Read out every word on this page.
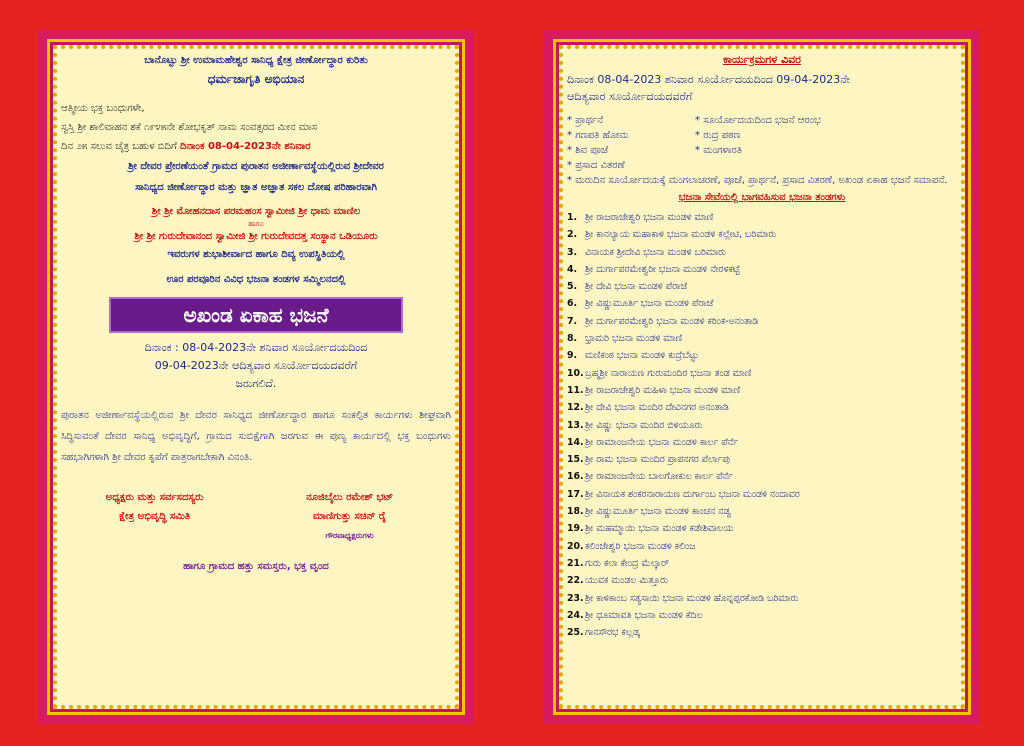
ಬಾನೊಟ್ಟು ಶ್ರೀ ಉಮಾಮಹೇಶ್ವರ ಸಾನಿಧ್ಯ ಕ್ಷೇತ್ರ ಜೀರ್ಣೋದ್ಧಾರ ಕುರಿತು
ಧರ್ಮಜಾಗೃತಿ ಅಭಿಯಾನ
ಆತ್ಮೀಯ ಭಕ್ತ ಬಂಧುಗಳೇ,
ಸ್ವಸ್ತಿ ಶ್ರೀ ಶಾಲಿವಾಹನ ಶಕೆ ೧೯೪೫ನೇ ಶೋಭಕೃತ್ ನಾಮ ಸಂವತ್ಸರದ ಮೀನ ಮಾಸ
ದಿನ ೨೫ ಸಲುವ ಚೈತ್ರ ಬಹುಳ ಬಿದಿಗೆ ದಿನಾಂಕ 08-04-2023ನೇ ಶನಿವಾರ
ಶ್ರೀ ದೇವರ ಪ್ರೇರಣೆಯಂತೆ ಗ್ರಾಮದ ಪುರಾತನ ಅಜೀರ್ಣಾವಸ್ಥೆಯಲ್ಲಿರುವ ಶ್ರೀದೇವರ
ಸಾನಿಧ್ಯದ ಜೀರ್ಣೋದ್ಧಾರ ಮತ್ತು ಜ್ಞಾತ ಅಜ್ಞಾತ ಸಕಲ ದೋಷ ಪರಿಹಾರವಾಗಿ
ಶ್ರೀ ಶ್ರೀ ಮೋಹನದಾಸ ಪರಮಹಂಸ ಸ್ವಾಮೀಜಿ ಶ್ರೀ ಧಾಮ ಮಾಣಿಲ
ಹಾಗೂ
ಶ್ರೀ ಶ್ರೀ ಗುರುದೇವಾನಂದ ಸ್ವಾಮೀಜಿ ಶ್ರೀ ಗುರುದೇವದತ್ತ ಸಂಸ್ಥಾನ ಒಡಿಯೂರು
ಇವರುಗಳ ಶುಭಾಶೀರ್ವಾದ ಹಾಗೂ ದಿವ್ಯ ಉಪಸ್ಥಿತಿಯಲ್ಲಿ
ಊರ ಪರವೂರಿನ ವಿವಿಧ ಭಜನಾ ತಂಡಗಳ ಸಮ್ಮಿಲನದಲ್ಲಿ
ಅಖಂಡ ಏಕಾಹ ಭಜನೆ
ದಿನಾಂಕ : 08-04-2023ನೇ ಶನಿವಾರ ಸೂರ್ಯೋದಯದಿಂದ
09-04-2023ನೇ ಆದಿತ್ಯವಾರ ಸೂರ್ಯೋದಯದವರೆಗೆ
ಜರುಗಲಿದೆ.
ಪುರಾತನ ಅಜೀರ್ಣಾವಸ್ಥೆಯಲ್ಲಿರುವ ಶ್ರೀ ದೇವರ ಸಾನಿಧ್ಯದ ಜೀರ್ಣೋದ್ಧಾರ ಹಾಗೂ ಸಂಕಲ್ಪಿತ ಕಾರ್ಯಗಳು ಶೀಘ್ರವಾಗಿ ಸಿದ್ಧಿಸುವಂತೆ ದೇವರ ಸಾನಿಧ್ಯ ಅಭಿವೃದ್ಧಿಗೆ, ಗ್ರಾಮದ ಸುಬಿಕ್ಷೆಗಾಗಿ ಜರಗುವ ಈ ಪುಣ್ಯ ಕಾರ್ಯದಲ್ಲಿ ಭಕ್ತ ಬಂಧುಗಳು ಸಹಭಾಗಿಗಳಾಗಿ ಶ್ರೀ ದೇವರ ಕೃಪೆಗೆ ಪಾತ್ರರಾಗಬೇಕಾಗಿ ವಿನಂತಿ.
ಅಧ್ಯಕ್ಷರು ಮತ್ತು ಸರ್ವಸದಸ್ಯರು
ಕ್ಷೇತ್ರ ಅಭಿವೃದ್ಧಿ ಸಮಿತಿ
ನೂಜಿಬೈಲು ರಮೇಶ್ ಭಟ್
ಮಾಣಿಗುತ್ತು ಸಚಿನ್ ರೈ
ಗೌರವಾಧ್ಯಕ್ಷರುಗಳು
ಹಾಗೂ ಗ್ರಾಮದ ಹತ್ತು ಸಮಸ್ತರು, ಭಕ್ತ ವೃಂದ
ಕಾರ್ಯಕ್ರಮಗಳ ವಿವರ
ದಿನಾಂಕ 08-04-2023 ಶನಿವಾರ ಸೂರ್ಯೋದಯದಿಂದ 09-04-2023ನೇ
ಆದಿತ್ಯವಾರ ಸೂರ್ಯೋದಯದವರೆಗೆ
* ಪ್ರಾರ್ಥನೆ	* ಸೂರ್ಯೋದಯದಿಂದ ಭಜನೆ ಆರಂಭ
* ಗಣಪತಿ ಹೋಮ	* ರುದ್ರ ಪಠಣ
* ಶಿವ ಪೂಜೆ	* ಮಂಗಳಾರತಿ
* ಪ್ರಸಾದ ವಿತರಣೆ
* ಮರುದಿನ ಸೂರ್ಯೋದಯಕ್ಕೆ ಮಂಗಲಾಚರಣೆ, ಪೂಜೆ, ಪ್ರಾರ್ಥನೆ, ಪ್ರಸಾದ ವಿತರಣೆ, ಅಖಂಡ ಏಕಾಹ ಭಜನೆ ಸಮಾಪನೆ.
ಭಜನಾ ಸೇವೆಯಲ್ಲಿ ಭಾಗವಹಿಸುವ ಭಜನಾ ತಂಡಗಳು
1. ಶ್ರೀ ರಾಜರಾಜೇಶ್ವರಿ ಭಜನಾ ಮಂಡಳಿ ಮಾಣಿ
2. ಶ್ರೀ ಕಾನಲ್ಯಾಯ ಮಹಾಕಾಳಿ ಭಜನಾ ಮಂಡಳಿ ಕಲ್ಲೇಟಿ, ಬರಿಮಾರು
3. ವಿನಾಯಕ ಶ್ರೀದೇವಿ ಭಜನಾ ಮಂಡಳಿ ಬರಿಮಾರು
4. ಶ್ರೀ ದುರ್ಗಾಪರಮೇಶ್ವರೀ ಭಜನಾ ಮಂಡಳಿ ನೇರಳಕಟ್ಟೆ
5. ಶ್ರೀ ದೇವಿ ಭಜನಾ ಮಂಡಳಿ ಪೆರಾಜೆ
6. ಶ್ರೀ ವಿಷ್ಣುಮೂರ್ತಿ ಭಜನಾ ಮಂಡಳಿ ಪೆರಾಜೆ
7. ಶ್ರೀ ದುರ್ಗಾಪರಮೇಶ್ವರಿ ಭಜನಾ ಮಂಡಳಿ ಕರಿಂಕ-ಅನಂತಾಡಿ
8. ಭ್ರಾಮರಿ ಭಜನಾ ಮಂಡಳಿ ಮಾಣಿ
9. ಮಣಿಕಂಠ ಭಜನಾ ಮಂಡಳಿ ಕುದ್ರೆಬೆಟ್ಟು
10.ಬ್ರಹ್ಮಶ್ರೀ ನಾರಾಯಣ ಗುರುಮಂದಿರ ಭಜನಾ ತಂಡ ಮಾಣಿ
11.ಶ್ರೀ ರಾಜರಾಜೇಶ್ವರಿ ಮಹಿಳಾ ಭಜನಾ ಮಂಡಳಿ ಮಾಣಿ
12.ಶ್ರೀ ದೇವಿ ಭಜನಾ ಮಂದಿರ ದೇವಿನಗರ ಅನಂತಾಡಿ
13.ಶ್ರೀ ವಿಷ್ಣು ಭಜನಾ ಮಂದಿರ ಬಿಳಿಯೂರು
14.ಶ್ರೀ ರಾಮಾಂಜನೇಯ ಭಜನಾ ಮಂಡಳಿ ಕಾರ್ಲ ಪೆರ್ನೆ
15.ಶ್ರೀ ರಾಮ ಭಜನಾ ಮಂದಿರ ಪ್ರಾಪನಗರ ಪೆರ್ಲಾಪು
16.ಶ್ರೀ ರಾಮಾಂಜನೇಯ ಬಾಲಗೋಕುಲ ಕಾರ್ಲ ಪೆರ್ನೆ
17.ಶ್ರೀ ವಿನಾಯಕ ಶಂಕರನಾರಾಯಣ ದುರ್ಗಾಂಬ ಭಜನಾ ಮಂಡಳಿ ನಂದಾವರ
18.ಶ್ರೀ ವಿಷ್ಣುಮೂರ್ತಿ ಭಜನಾ ಮಂಡಳಿ ಕಾಂಚನ ನಡ್ವ
19.ಶ್ರೀ ಮಹಮ್ಮಾಯಿ ಭಜನಾ ಮಂಡಳಿ ಕಡೇಶಿವಾಲಯ
20.ಕಲಿಂಜೇಶ್ವರಿ ಭಜನಾ ಮಂಡಳಿ ಕಲಿಂಜ
21.ಗುರು ಕಲಾ ಕೇಂದ್ರ ಮೆಲ್ಕಾರ್
22.ಯುವಕ ಮಂಡಲ ಮಿತ್ತೂರು
23.ಶ್ರೀ ಕಾಳಿಕಾಂಬ ಸತ್ಯಸಾಯಿ ಭಜನಾ ಮಂಡಳಿ ಹೊನ್ನಪ್ಪರಕೋಡಿ ಬರಿಮಾರು
24.ಶ್ರೀ ಧೂಮಾವತಿ ಭಜನಾ ಮಂಡಳಿ ಕೆದಿಲ
25.ಗಾನಸೌರಭ ಕಲ್ಲಡ್ಕ
